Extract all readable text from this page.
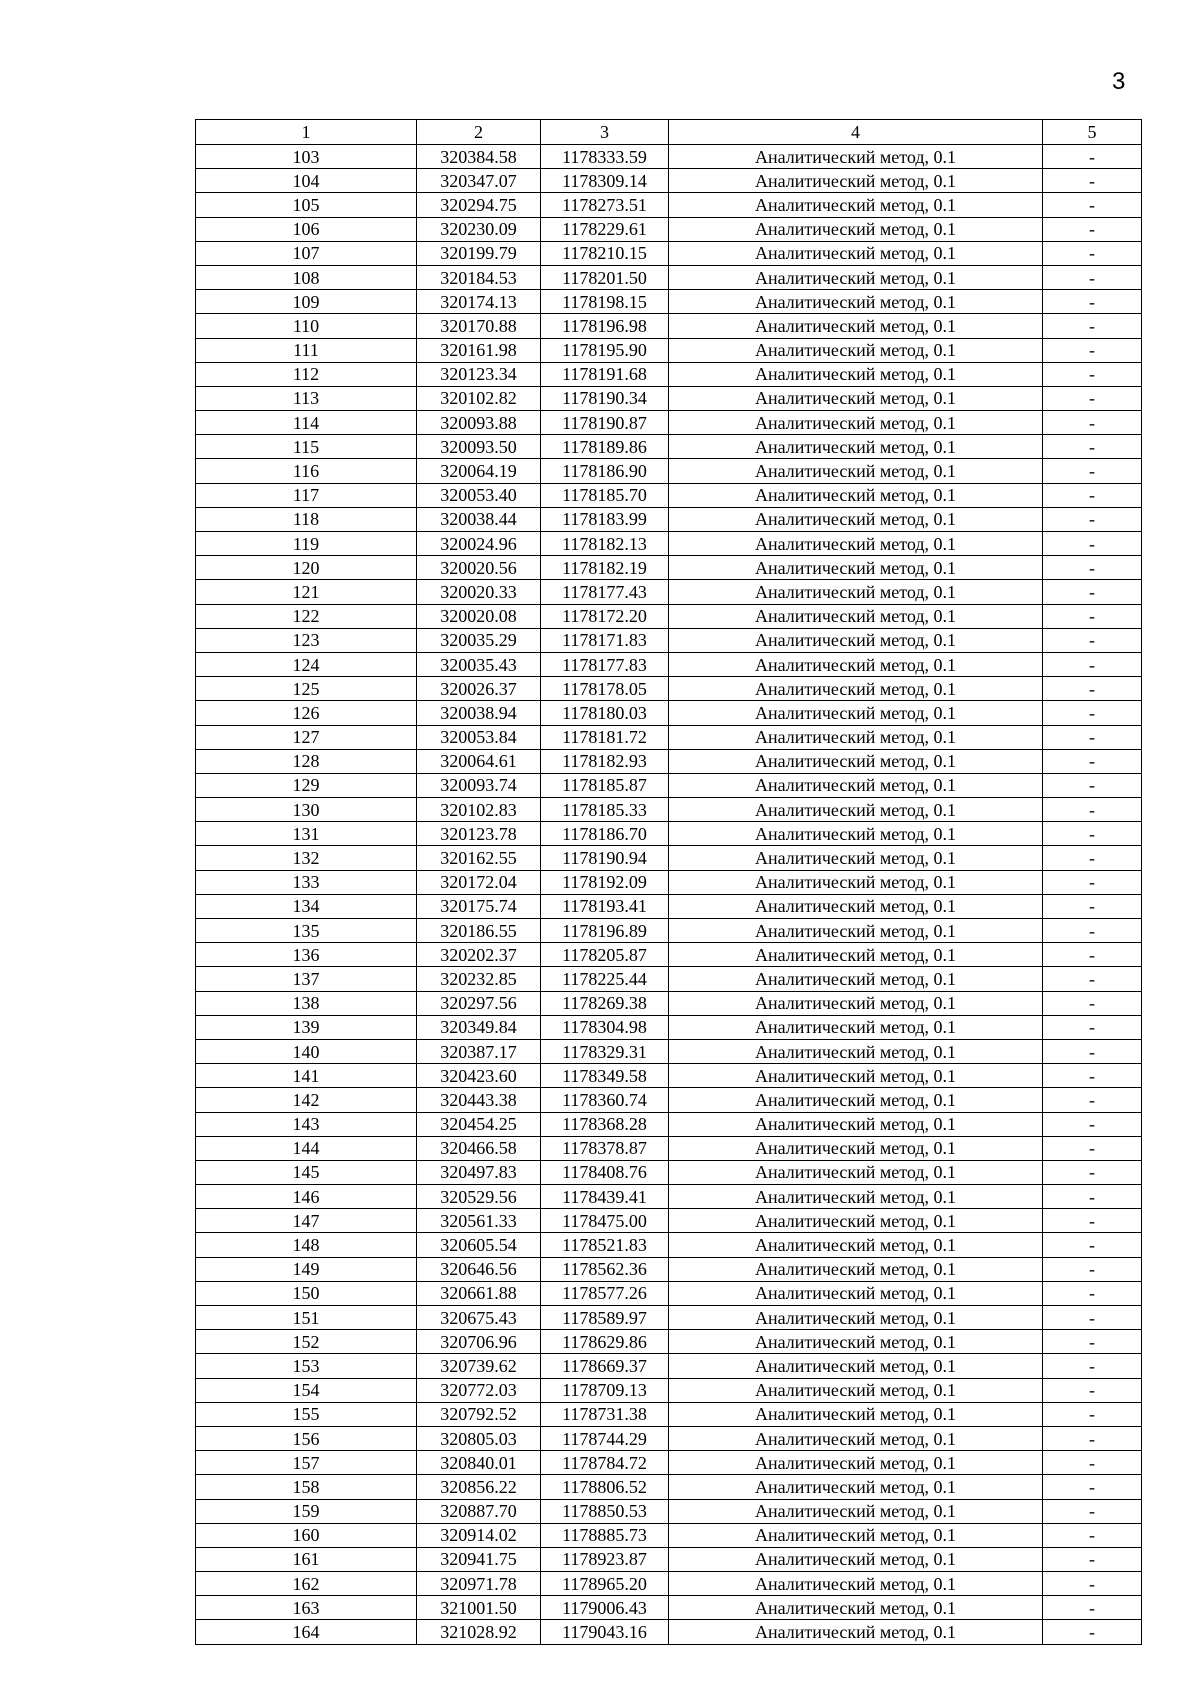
3
1	2	3	4	5
103	320384.58	1178333.59	Аналитический метод, 0.1	-
104	320347.07	1178309.14	Аналитический метод, 0.1	-
105	320294.75	1178273.51	Аналитический метод, 0.1	-
106	320230.09	1178229.61	Аналитический метод, 0.1	-
107	320199.79	1178210.15	Аналитический метод, 0.1	-
108	320184.53	1178201.50	Аналитический метод, 0.1	-
109	320174.13	1178198.15	Аналитический метод, 0.1	-
110	320170.88	1178196.98	Аналитический метод, 0.1	-
111	320161.98	1178195.90	Аналитический метод, 0.1	-
112	320123.34	1178191.68	Аналитический метод, 0.1	-
113	320102.82	1178190.34	Аналитический метод, 0.1	-
114	320093.88	1178190.87	Аналитический метод, 0.1	-
115	320093.50	1178189.86	Аналитический метод, 0.1	-
116	320064.19	1178186.90	Аналитический метод, 0.1	-
117	320053.40	1178185.70	Аналитический метод, 0.1	-
118	320038.44	1178183.99	Аналитический метод, 0.1	-
119	320024.96	1178182.13	Аналитический метод, 0.1	-
120	320020.56	1178182.19	Аналитический метод, 0.1	-
121	320020.33	1178177.43	Аналитический метод, 0.1	-
122	320020.08	1178172.20	Аналитический метод, 0.1	-
123	320035.29	1178171.83	Аналитический метод, 0.1	-
124	320035.43	1178177.83	Аналитический метод, 0.1	-
125	320026.37	1178178.05	Аналитический метод, 0.1	-
126	320038.94	1178180.03	Аналитический метод, 0.1	-
127	320053.84	1178181.72	Аналитический метод, 0.1	-
128	320064.61	1178182.93	Аналитический метод, 0.1	-
129	320093.74	1178185.87	Аналитический метод, 0.1	-
130	320102.83	1178185.33	Аналитический метод, 0.1	-
131	320123.78	1178186.70	Аналитический метод, 0.1	-
132	320162.55	1178190.94	Аналитический метод, 0.1	-
133	320172.04	1178192.09	Аналитический метод, 0.1	-
134	320175.74	1178193.41	Аналитический метод, 0.1	-
135	320186.55	1178196.89	Аналитический метод, 0.1	-
136	320202.37	1178205.87	Аналитический метод, 0.1	-
137	320232.85	1178225.44	Аналитический метод, 0.1	-
138	320297.56	1178269.38	Аналитический метод, 0.1	-
139	320349.84	1178304.98	Аналитический метод, 0.1	-
140	320387.17	1178329.31	Аналитический метод, 0.1	-
141	320423.60	1178349.58	Аналитический метод, 0.1	-
142	320443.38	1178360.74	Аналитический метод, 0.1	-
143	320454.25	1178368.28	Аналитический метод, 0.1	-
144	320466.58	1178378.87	Аналитический метод, 0.1	-
145	320497.83	1178408.76	Аналитический метод, 0.1	-
146	320529.56	1178439.41	Аналитический метод, 0.1	-
147	320561.33	1178475.00	Аналитический метод, 0.1	-
148	320605.54	1178521.83	Аналитический метод, 0.1	-
149	320646.56	1178562.36	Аналитический метод, 0.1	-
150	320661.88	1178577.26	Аналитический метод, 0.1	-
151	320675.43	1178589.97	Аналитический метод, 0.1	-
152	320706.96	1178629.86	Аналитический метод, 0.1	-
153	320739.62	1178669.37	Аналитический метод, 0.1	-
154	320772.03	1178709.13	Аналитический метод, 0.1	-
155	320792.52	1178731.38	Аналитический метод, 0.1	-
156	320805.03	1178744.29	Аналитический метод, 0.1	-
157	320840.01	1178784.72	Аналитический метод, 0.1	-
158	320856.22	1178806.52	Аналитический метод, 0.1	-
159	320887.70	1178850.53	Аналитический метод, 0.1	-
160	320914.02	1178885.73	Аналитический метод, 0.1	-
161	320941.75	1178923.87	Аналитический метод, 0.1	-
162	320971.78	1178965.20	Аналитический метод, 0.1	-
163	321001.50	1179006.43	Аналитический метод, 0.1	-
164	321028.92	1179043.16	Аналитический метод, 0.1	-
